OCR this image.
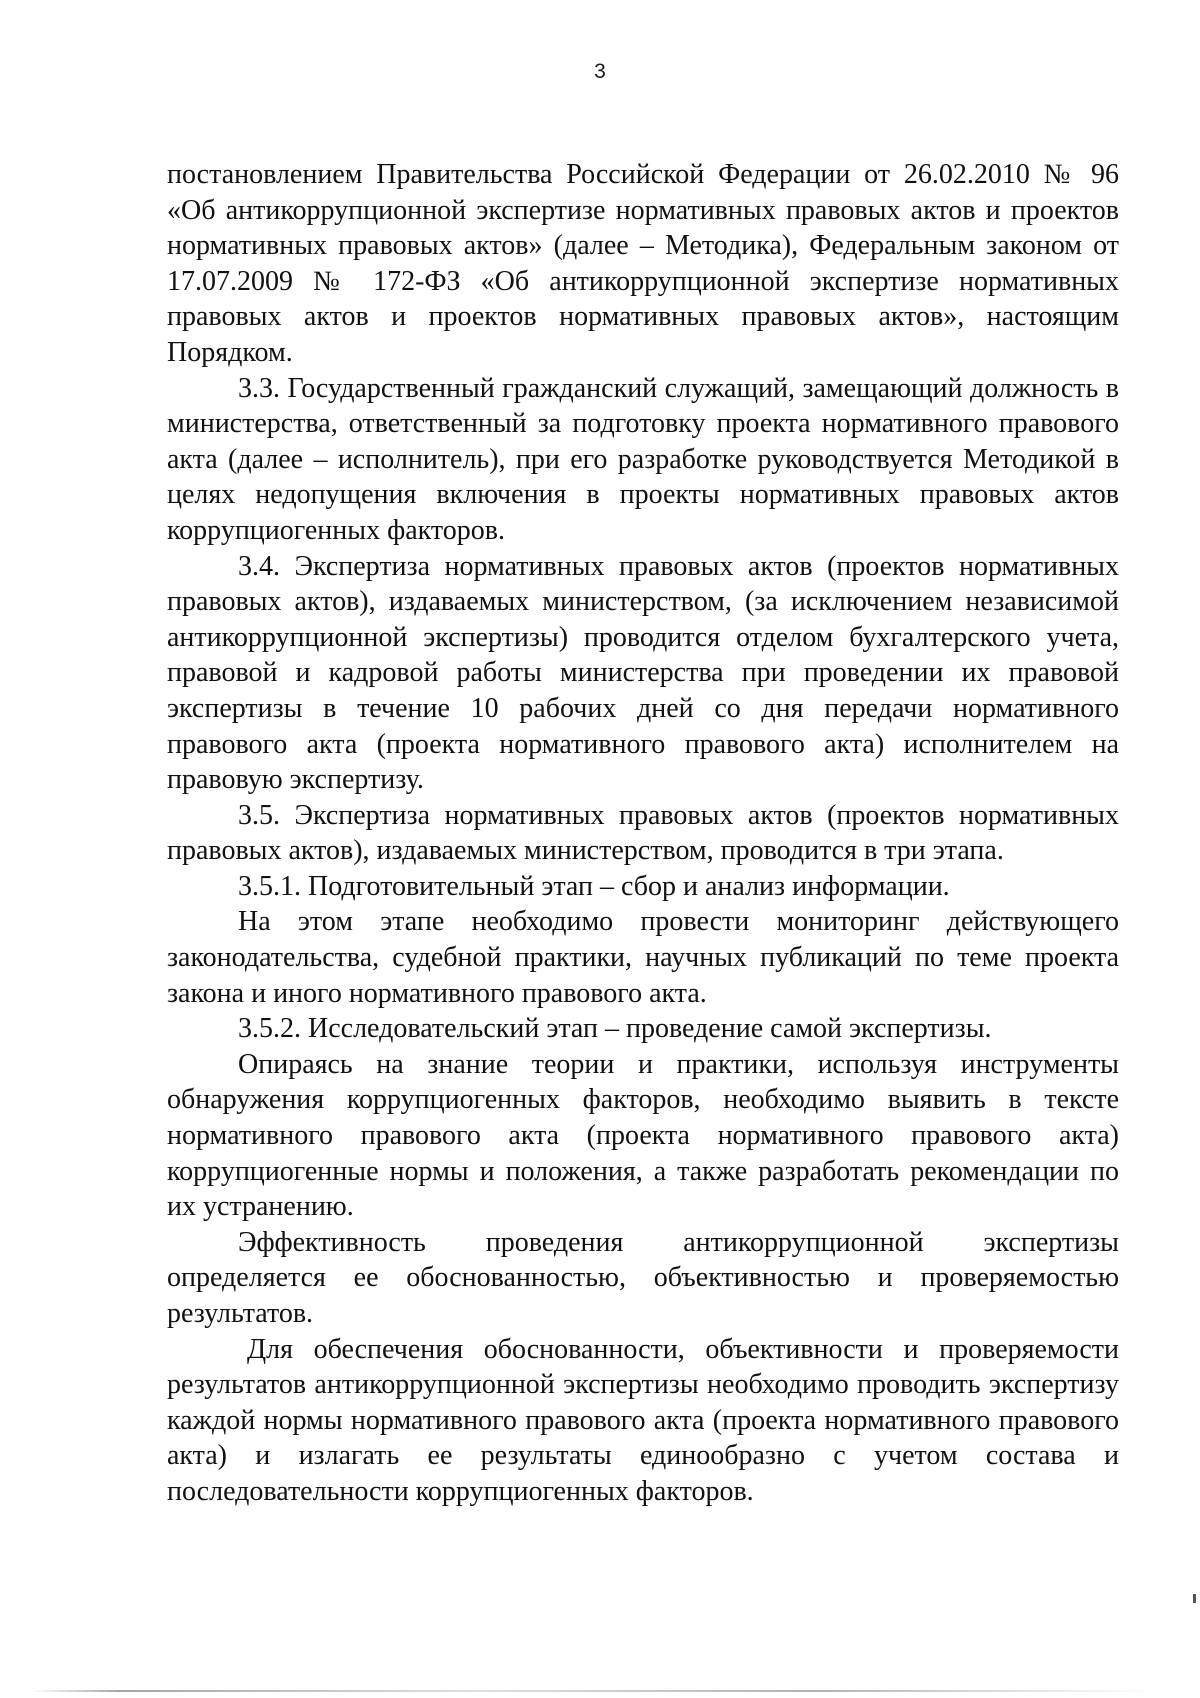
3

постановлением Правительства Российской Федерации от 26.02.2010 № 96 «Об антикоррупционной экспертизе нормативных правовых актов и проектов нормативных правовых актов» (далее – Методика), Федеральным законом от 17.07.2009 № 172-ФЗ «Об антикоррупционной экспертизе нормативных правовых актов и проектов нормативных правовых актов», настоящим Порядком.

3.3. Государственный гражданский служащий, замещающий должность в министерства, ответственный за подготовку проекта нормативного правового акта (далее – исполнитель), при его разработке руководствуется Методикой в целях недопущения включения в проекты нормативных правовых актов коррупциогенных факторов.

3.4. Экспертиза нормативных правовых актов (проектов нормативных правовых актов), издаваемых министерством, (за исключением независимой антикоррупционной экспертизы) проводится отделом бухгалтерского учета, правовой и кадровой работы министерства при проведении их правовой экспертизы в течение 10 рабочих дней со дня передачи нормативного правового акта (проекта нормативного правового акта) исполнителем на правовую экспертизу.

3.5. Экспертиза нормативных правовых актов (проектов нормативных правовых актов), издаваемых министерством, проводится в три этапа.

3.5.1. Подготовительный этап – сбор и анализ информации.

На этом этапе необходимо провести мониторинг действующего законодательства, судебной практики, научных публикаций по теме проекта закона и иного нормативного правового акта.

3.5.2. Исследовательский этап – проведение самой экспертизы.

Опираясь на знание теории и практики, используя инструменты обнаружения коррупциогенных факторов, необходимо выявить в тексте нормативного правового акта (проекта нормативного правового акта) коррупциогенные нормы и положения, а также разработать рекомендации по их устранению.

Эффективность проведения антикоррупционной экспертизы определяется ее обоснованностью, объективностью и проверяемостью результатов.

Для обеспечения обоснованности, объективности и проверяемости результатов антикоррупционной экспертизы необходимо проводить экспертизу каждой нормы нормативного правового акта (проекта нормативного правового акта) и излагать ее результаты единообразно с учетом состава и последовательности коррупциогенных факторов.
